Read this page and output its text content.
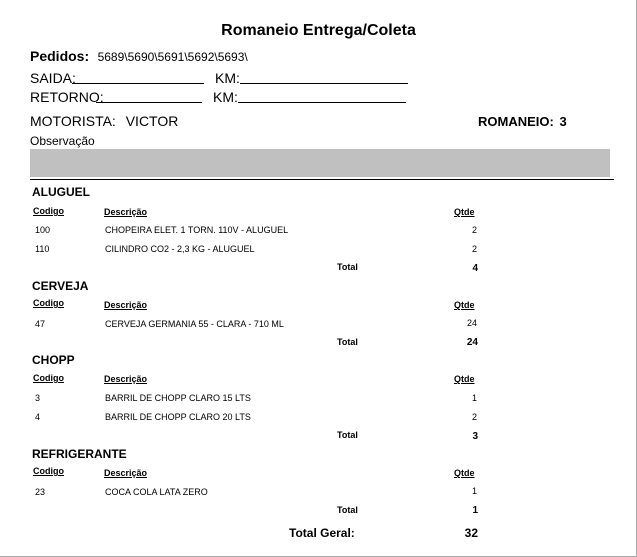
Romaneio Entrega/Coleta
Pedidos: 5689\5690\5691\5692\5693\
SAIDA:	KM:
RETORNO:	KM:
MOTORISTA: VICTOR	ROMANEIO: 3
Observação
ALUGUEL
Codigo	Descrição	Qtde
100	CHOPEIRA ELET. 1 TORN. 110V - ALUGUEL	2
110	CILINDRO CO2 - 2,3 KG - ALUGUEL	2
Total	4
CERVEJA
Codigo	Descrição	Qtde
47	CERVEJA GERMANIA 55 - CLARA - 710 ML	24
Total	24
CHOPP
Codigo	Descrição	Qtde
3	BARRIL DE CHOPP CLARO 15 LTS	1
4	BARRIL DE CHOPP CLARO 20 LTS	2
Total	3
REFRIGERANTE
Codigo	Descrição	Qtde
23	COCA COLA LATA ZERO	1
Total	1
Total Geral:	32
